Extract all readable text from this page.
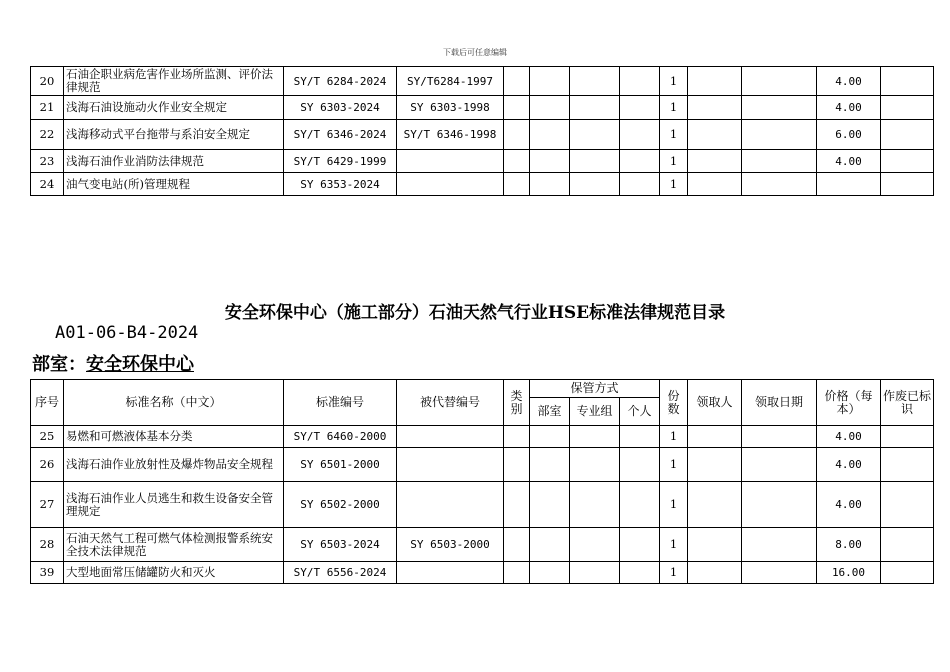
下载后可任意编辑
20	石油企职业病危害作业场所监测、评价法律规范	SY/T 6284-2024	SY/T6284-1997					1			4.00	
21	浅海石油设施动火作业安全规定	SY 6303-2024	SY 6303-1998					1			4.00	
22	浅海移动式平台拖带与系泊安全规定	SY/T 6346-2024	SY/T 6346-1998					1			6.00	
23	浅海石油作业消防法律规范	SY/T 6429-1999						1			4.00	
24	油气变电站(所)管理规程	SY 6353-2024						1				
安全环保中心（施工部分）石油天然气行业HSE标准法律规范目录
A01-06-B4-2024
部室：安全环保中心
序号	标准名称（中文）	标准编号	被代替编号	类别	保管方式			份数	领取人	领取日期	价格（每本）	作废已标识
					部室	专业组	个人					
25	易燃和可燃液体基本分类	SY/T 6460-2000						1			4.00	
26	浅海石油作业放射性及爆炸物品安全规程	SY 6501-2000						1			4.00	
27	浅海石油作业人员逃生和救生设备安全管理规定	SY 6502-2000						1			4.00	
28	石油天然气工程可燃气体检测报警系统安全技术法律规范	SY 6503-2024	SY 6503-2000					1			8.00	
39	大型地面常压储罐防火和灭火	SY/T 6556-2024						1			16.00	
